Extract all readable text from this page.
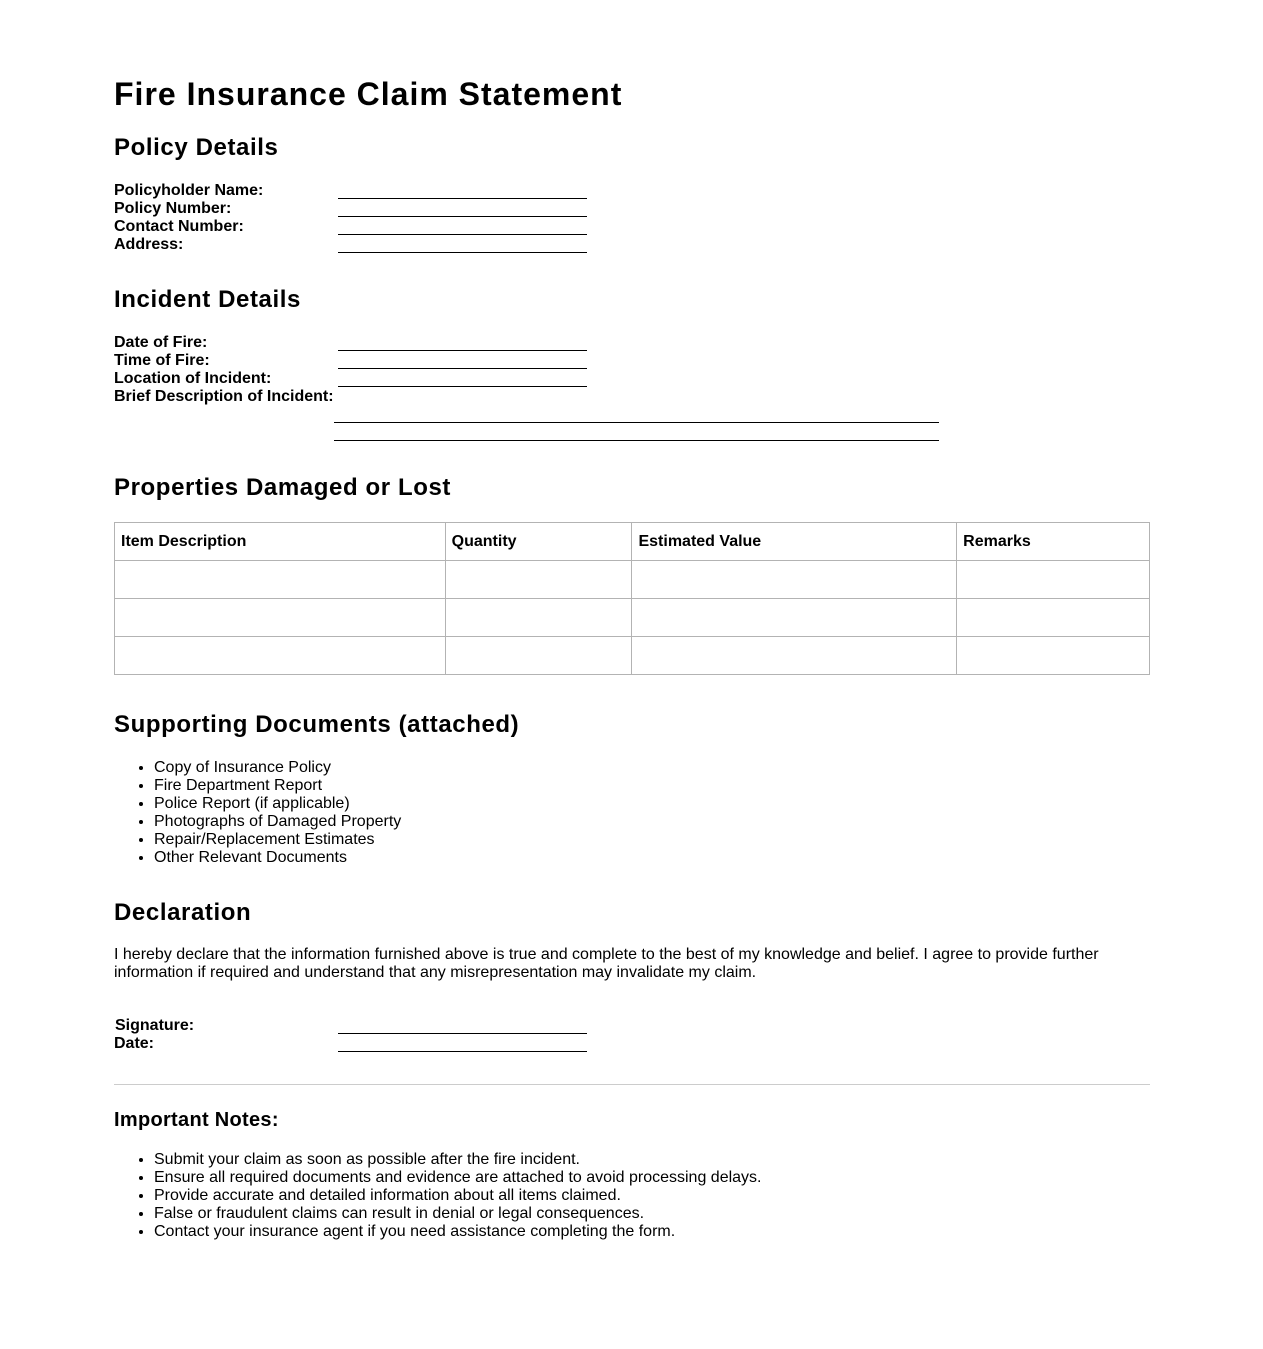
Fire Insurance Claim Statement
Policy Details
Policyholder Name:
Policy Number:
Contact Number:
Address:
Incident Details
Date of Fire:
Time of Fire:
Location of Incident:
Brief Description of Incident:
Properties Damaged or Lost
Item Description	Quantity	Estimated Value	Remarks

Supporting Documents (attached)
• Copy of Insurance Policy
• Fire Department Report
• Police Report (if applicable)
• Photographs of Damaged Property
• Repair/Replacement Estimates
• Other Relevant Documents
Declaration

I hereby declare that the information furnished above is true and complete to the best of my knowledge and belief. I agree to provide further information if required and understand that any misrepresentation may invalidate my claim.

Signature:
Date:
Important Notes:
• Submit your claim as soon as possible after the fire incident.
• Ensure all required documents and evidence are attached to avoid processing delays.
• Provide accurate and detailed information about all items claimed.
• False or fraudulent claims can result in denial or legal consequences.
• Contact your insurance agent if you need assistance completing the form.
